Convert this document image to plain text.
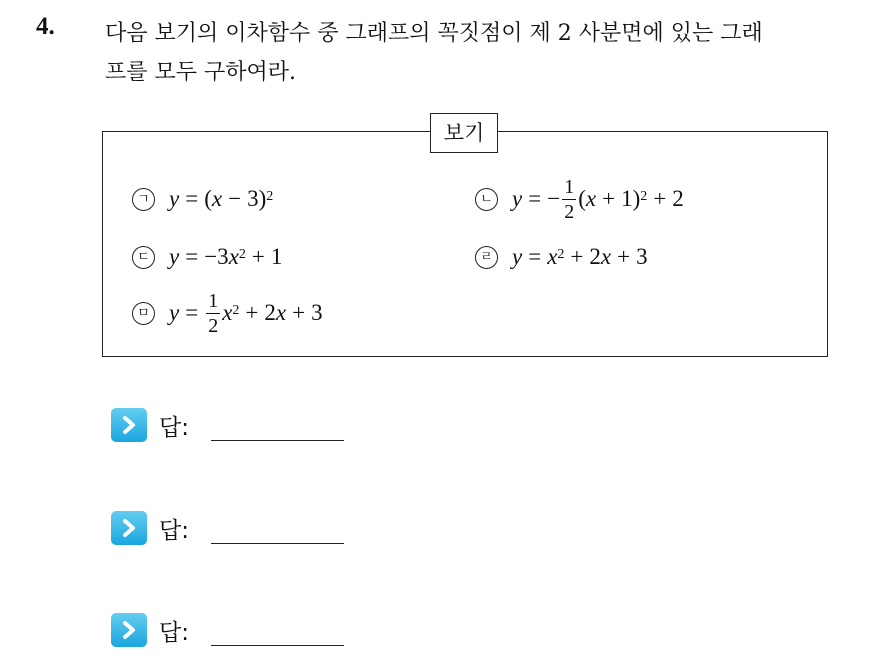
4. 다음 보기의 이차함수 중 그래프의 꼭짓점이 제 2 사분면에 있는 그래
프를 모두 구하여라.
보기
ㄱ y = ( x − 3)$^2$	ㄴ y = − $\frac{1}{2}$ ( x + 1)$^2$ + 2
ㄷ y = −3 $x^2 + 1$	ㄹ $y = x^2 + 2$ x + 3
ㅁ $y = \frac{1}{2} x^2 + 2$ x + 3
답:
답:
답:
